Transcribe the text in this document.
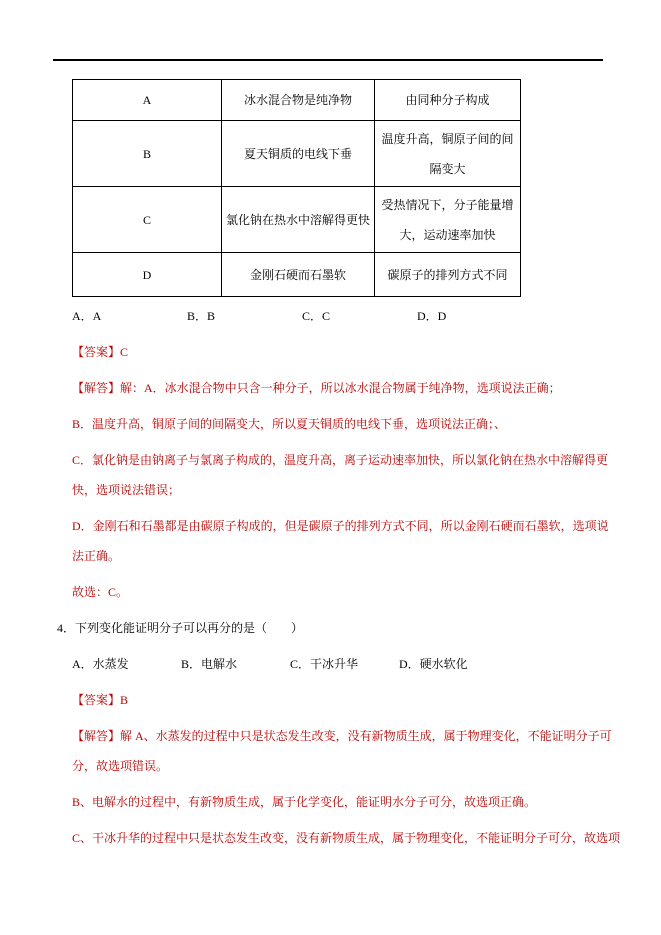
A	冰水混合物是纯净物	由同种分子构成
B	夏天铜质的电线下垂	温度升高，铜原子间的间隔变大
C	氯化钠在热水中溶解得更快	受热情况下，分子能量增大，运动速率加快
D	金刚石硬而石墨软	碳原子的排列方式不同

A．A	B．B	C．C	D．D

【答案】C

【解答】解：A．冰水混合物中只含一种分子，所以冰水混合物属于纯净物，选项说法正确；

B．温度升高，铜原子间的间隔变大，所以夏天铜质的电线下垂，选项说法正确；、

C．氯化钠是由钠离子与氯离子构成的，温度升高，离子运动速率加快，所以氯化钠在热水中溶解得更快，选项说法错误；

D．金刚石和石墨都是由碳原子构成的，但是碳原子的排列方式不同，所以金刚石硬而石墨软，选项说法正确。

故选：C。

4．下列变化能证明分子可以再分的是（　　）

A．水蒸发	B．电解水	C．干冰升华	D．硬水软化

【答案】B

【解答】解 A、水蒸发的过程中只是状态发生改变，没有新物质生成，属于物理变化，不能证明分子可分，故选项错误。

B、电解水的过程中，有新物质生成，属于化学变化，能证明水分子可分，故选项正确。

C、干冰升华的过程中只是状态发生改变，没有新物质生成，属于物理变化，不能证明分子可分，故选项
